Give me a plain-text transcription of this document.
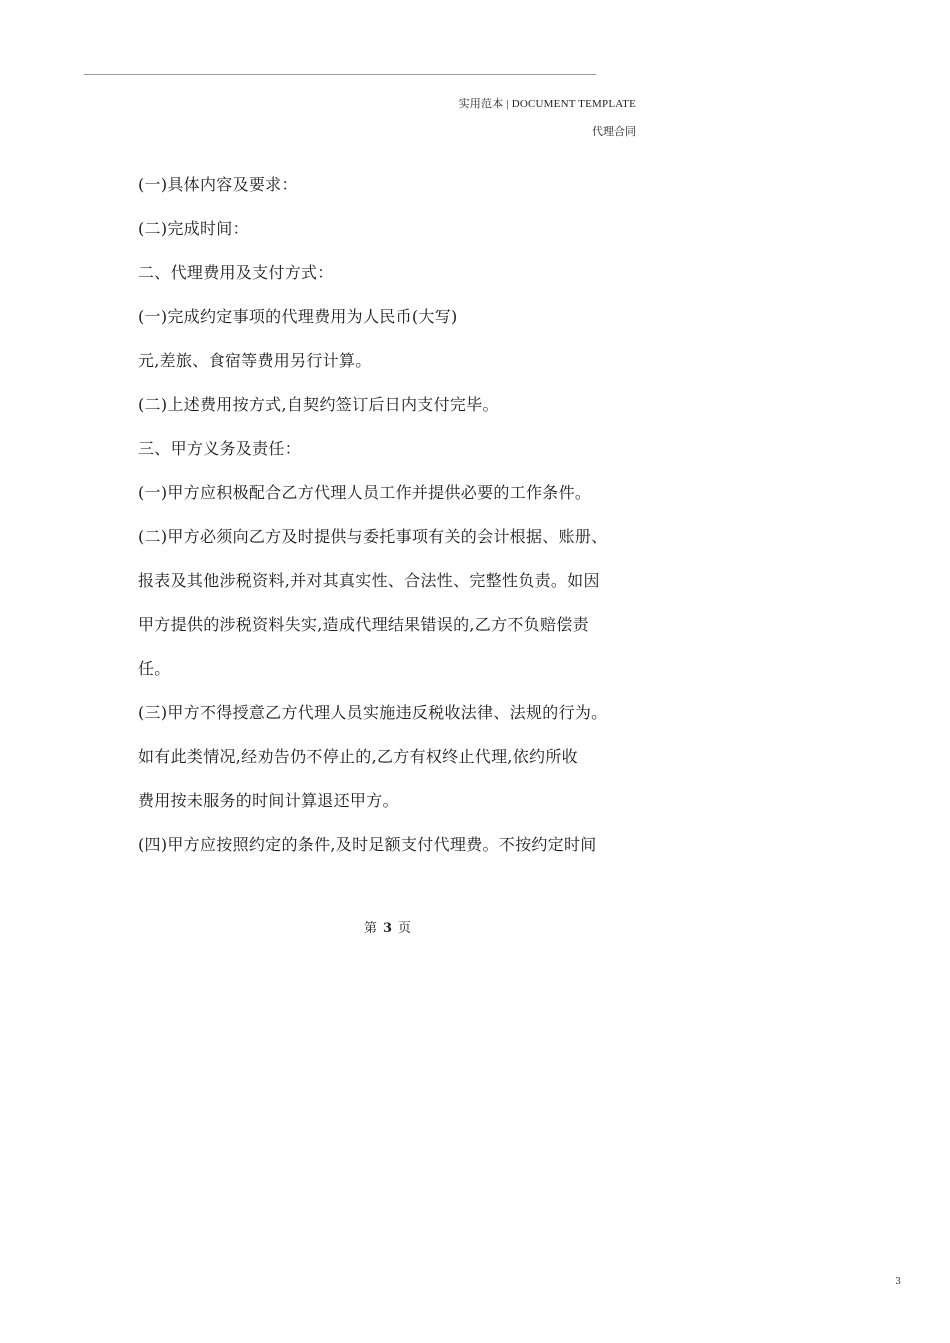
实用范本 | DOCUMENT TEMPLATE
代理合同
(一)具体内容及要求：
(二)完成时间：
二、代理费用及支付方式：
(一)完成约定事项的代理费用为人民币(大写)
元,差旅、食宿等费用另行计算。
(二)上述费用按方式,自契约签订后日内支付完毕。
三、甲方义务及责任：
(一)甲方应积极配合乙方代理人员工作并提供必要的工作条件。
(二)甲方必须向乙方及时提供与委托事项有关的会计根据、账册、
报表及其他涉税资料,并对其真实性、合法性、完整性负责。如因
甲方提供的涉税资料失实,造成代理结果错误的,乙方不负赔偿责
任。
(三)甲方不得授意乙方代理人员实施违反税收法律、法规的行为。
如有此类情况,经劝告仍不停止的,乙方有权终止代理,依约所收
费用按未服务的时间计算退还甲方。
(四)甲方应按照约定的条件,及时足额支付代理费。不按约定时间
第 3 页
3
